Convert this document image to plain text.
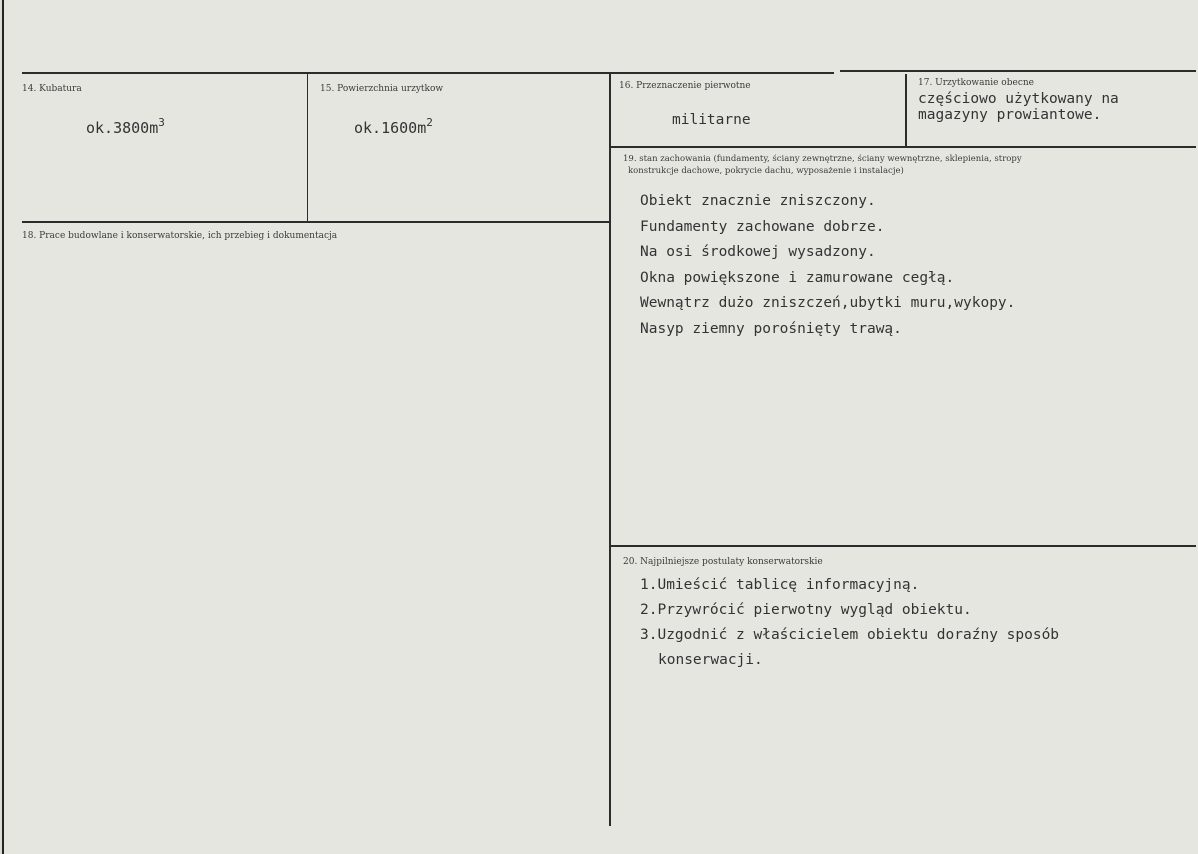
14. Kubatura
$ok.3800m^3$
15. Powierzchnia urzytkow
$ok.1600m^2$
16. Przeznaczenie pierwotne
militarne
17. Urzytkowanie obecne
częściowo użytkowany na
magazyny prowiantowe.
18. Prace budowlane i konserwatorskie, ich przebieg i dokumentacja
19. stan zachowania (fundamenty, ściany zewnętrzne, ściany wewnętrzne, sklepienia, stropy
konstrukcje dachowe, pokrycie dachu, wyposażenie i instalacje)
Obiekt znacznie zniszczony.
Fundamenty zachowane dobrze.
Na osi środkowej wysadzony.
Okna powiększone i zamurowane cegłą.
Wewnątrz dużo zniszczeń,ubytki muru,wykopy.
Nasyp ziemny porośnięty trawą.
20. Najpilniejsze postulaty konserwatorskie
1.Umieścić tablicę informacyjną.
2.Przywrócić pierwotny wygląd obiektu.
3.Uzgodnić z właścicielem obiektu doraźny sposób
konserwacji.
